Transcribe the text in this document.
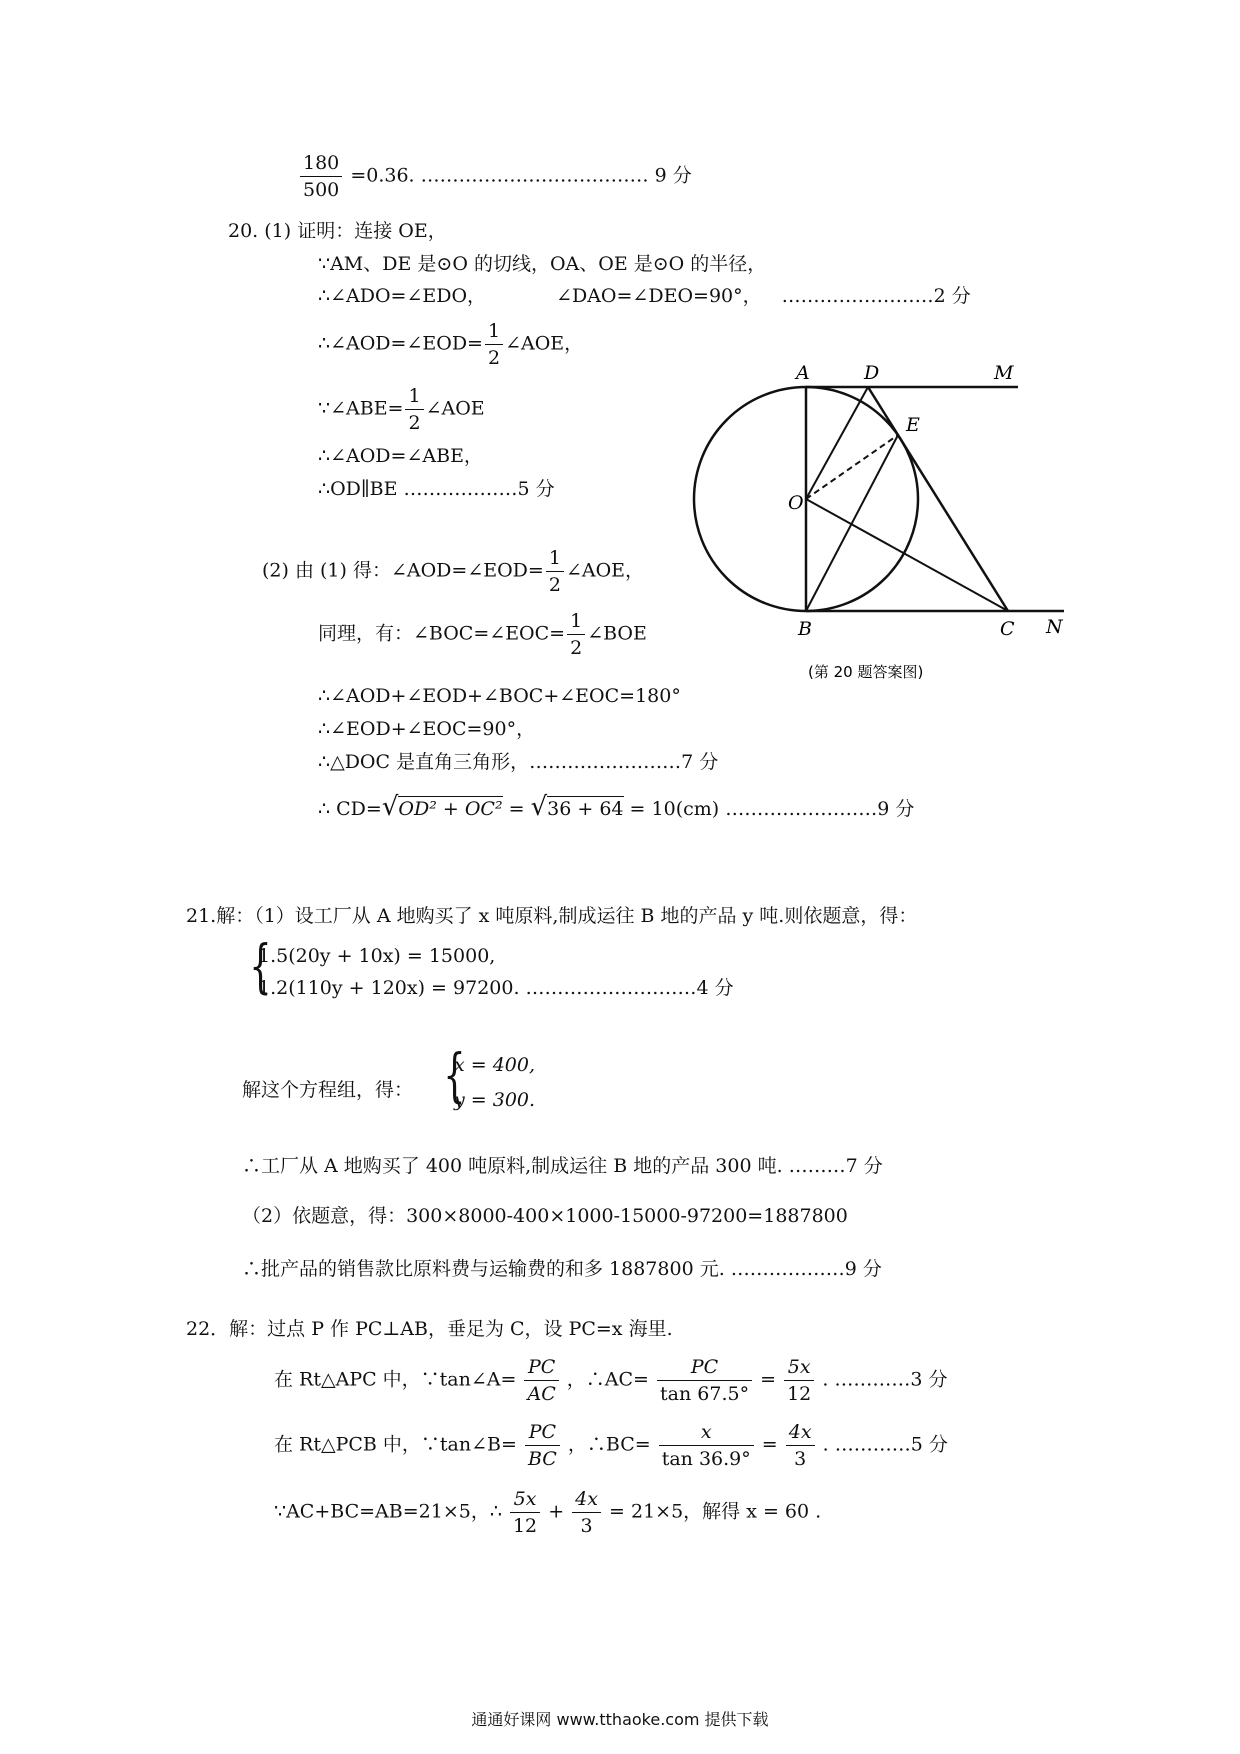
$\frac{180}{500} =0.36$. ……………………………… 9 分
20. (1) 证明：连接 OE，
∵AM、DE 是⊙O 的切线，OA、OE 是⊙O 的半径，
∴∠ADO=∠EDO，	∠DAO=∠DEO=90°， ……………………2 分
∴∠AOD=∠EOD= $\frac{1}{2}$ ∠AOE，
∵∠ABE= $\frac{1}{2}$ ∠AOE
∴∠AOD=∠ABE，
∴OD∥BE ………………5 分
(2) 由 (1) 得：∠AOD=∠EOD= $\frac{1}{2}$ ∠AOE，
同理，有：∠BOC=∠EOC= $\frac{1}{2}$ ∠BOE
∴∠AOD+∠EOD+∠BOC+∠EOC=180°
∴∠EOD+∠EOC=90°，
∴△DOC 是直角三角形，……………………7 分
∴ CD=√OD² + OC² = √36 + 64 = 10(cm) ……………………9 分
A	D	M
E
O
B	C N
(第 20 题答案图)
21.解：（1）设工厂从 A 地购买了 x 吨原料,制成运往 B 地的产品 y 吨.则依题意，得：
{
1.5(20y + 10x) = 15000,
1.2(110y + 120x) = 97200. ………………………4 分
解这个方程组，得： {
x = 400,
y = 300.
∴工厂从 A 地购买了 400 吨原料,制成运往 B 地的产品 300 吨. ………7 分
（2）依题意，得：300×8000-400×1000-15000-97200=1887800
∴批产品的销售款比原料费与运输费的和多 1887800 元. ………………9 分
22．解：过点 P 作 PC⊥AB，垂足为 C，设 PC=x 海里.
在 Rt△APC 中，∵tan∠A= $\frac{PC}{AC}$ ，∴AC= $\frac{PC}{\tan 67.5^\circ} = \frac{5x}{12}$ . …………3 分
在 Rt△PCB 中，∵tan∠B= $\frac{PC}{BC}$ ，∴BC= $\frac{x}{\tan 36.9^\circ} = \frac{4x}{3}$ . …………5 分
∵AC+BC=AB=21×5，∴ $\frac{5x}{12} + \frac{4x}{3} = 21\times 5$，解得 x = 60 .
通通好课网 www.tthaoke.com 提供下载
